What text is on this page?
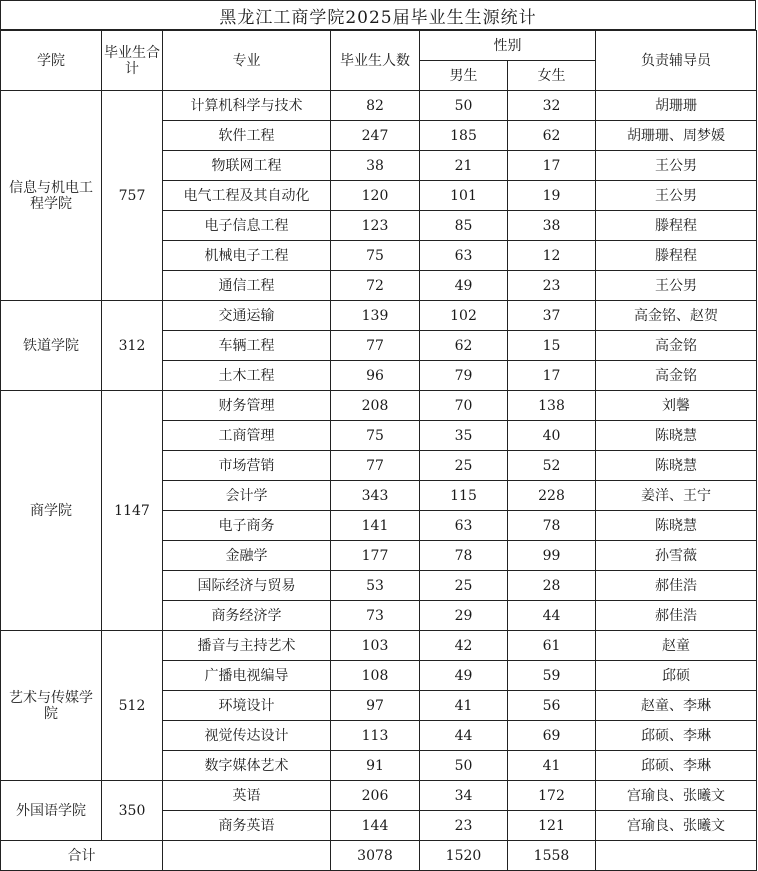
黑龙江工商学院2025届毕业生生源统计
学院	毕业生合计	专业	毕业生人数	性别		负责辅导员
				男生	女生	
信息与机电工程学院	757	计算机科学与技术	82	50	32	胡珊珊
		软件工程	247	185	62	胡珊珊、周梦媛
		物联网工程	38	21	17	王公男
		电气工程及其自动化	120	101	19	王公男
		电子信息工程	123	85	38	滕程程
		机械电子工程	75	63	12	滕程程
		通信工程	72	49	23	王公男
铁道学院	312	交通运输	139	102	37	高金铭、赵贺
		车辆工程	77	62	15	高金铭
		土木工程	96	79	17	高金铭
商学院	1147	财务管理	208	70	138	刘馨
		工商管理	75	35	40	陈晓慧
		市场营销	77	25	52	陈晓慧
		会计学	343	115	228	姜洋、王宁
		电子商务	141	63	78	陈晓慧
		金融学	177	78	99	孙雪薇
		国际经济与贸易	53	25	28	郝佳浩
		商务经济学	73	29	44	郝佳浩
艺术与传媒学院	512	播音与主持艺术	103	42	61	赵童
		广播电视编导	108	49	59	邱硕
		环境设计	97	41	56	赵童、李琳
		视觉传达设计	113	44	69	邱硕、李琳
		数字媒体艺术	91	50	41	邱硕、李琳
外国语学院	350	英语	206	34	172	宫瑜良、张曦文
		商务英语	144	23	121	宫瑜良、张曦文
合计			3078	1520	1558	
